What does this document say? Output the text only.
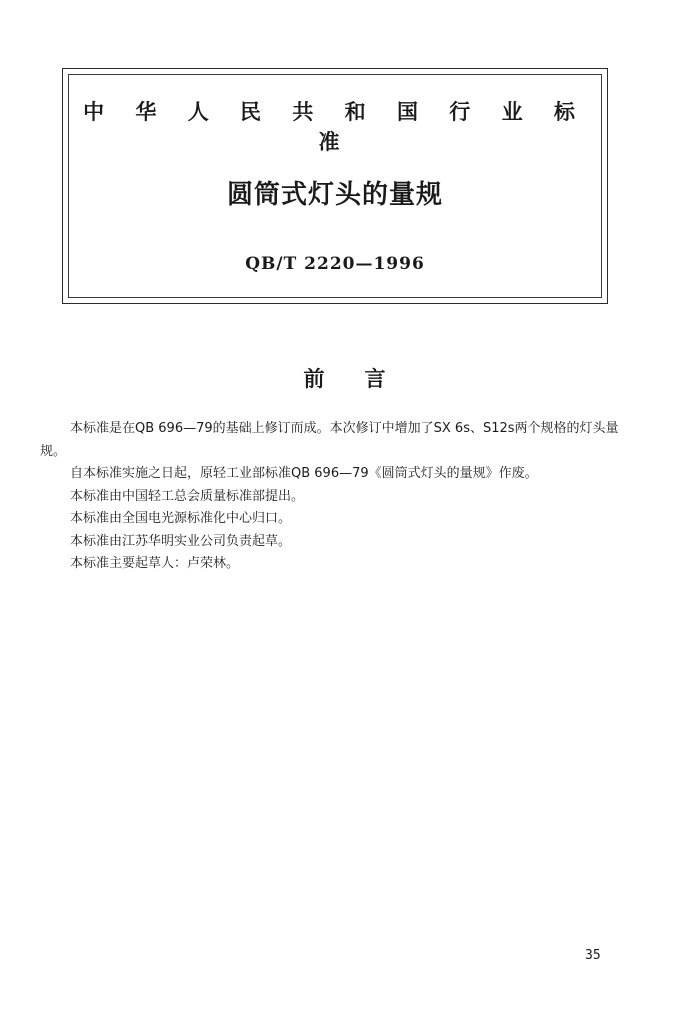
中 华 人 民 共 和 国 行 业 标 准
圆筒式灯头的量规
QB/T 2220—1996
前言

本标准是在QB 696—79的基础上修订而成。本次修订中增加了SX 6s、S12s两个规格的灯头量规。

自本标准实施之日起，原轻工业部标准QB 696—79《圆筒式灯头的量规》作废。

本标准由中国轻工总会质量标准部提出。

本标准由全国电光源标准化中心归口。

本标准由江苏华明实业公司负责起草。

本标准主要起草人：卢荣林。

35
